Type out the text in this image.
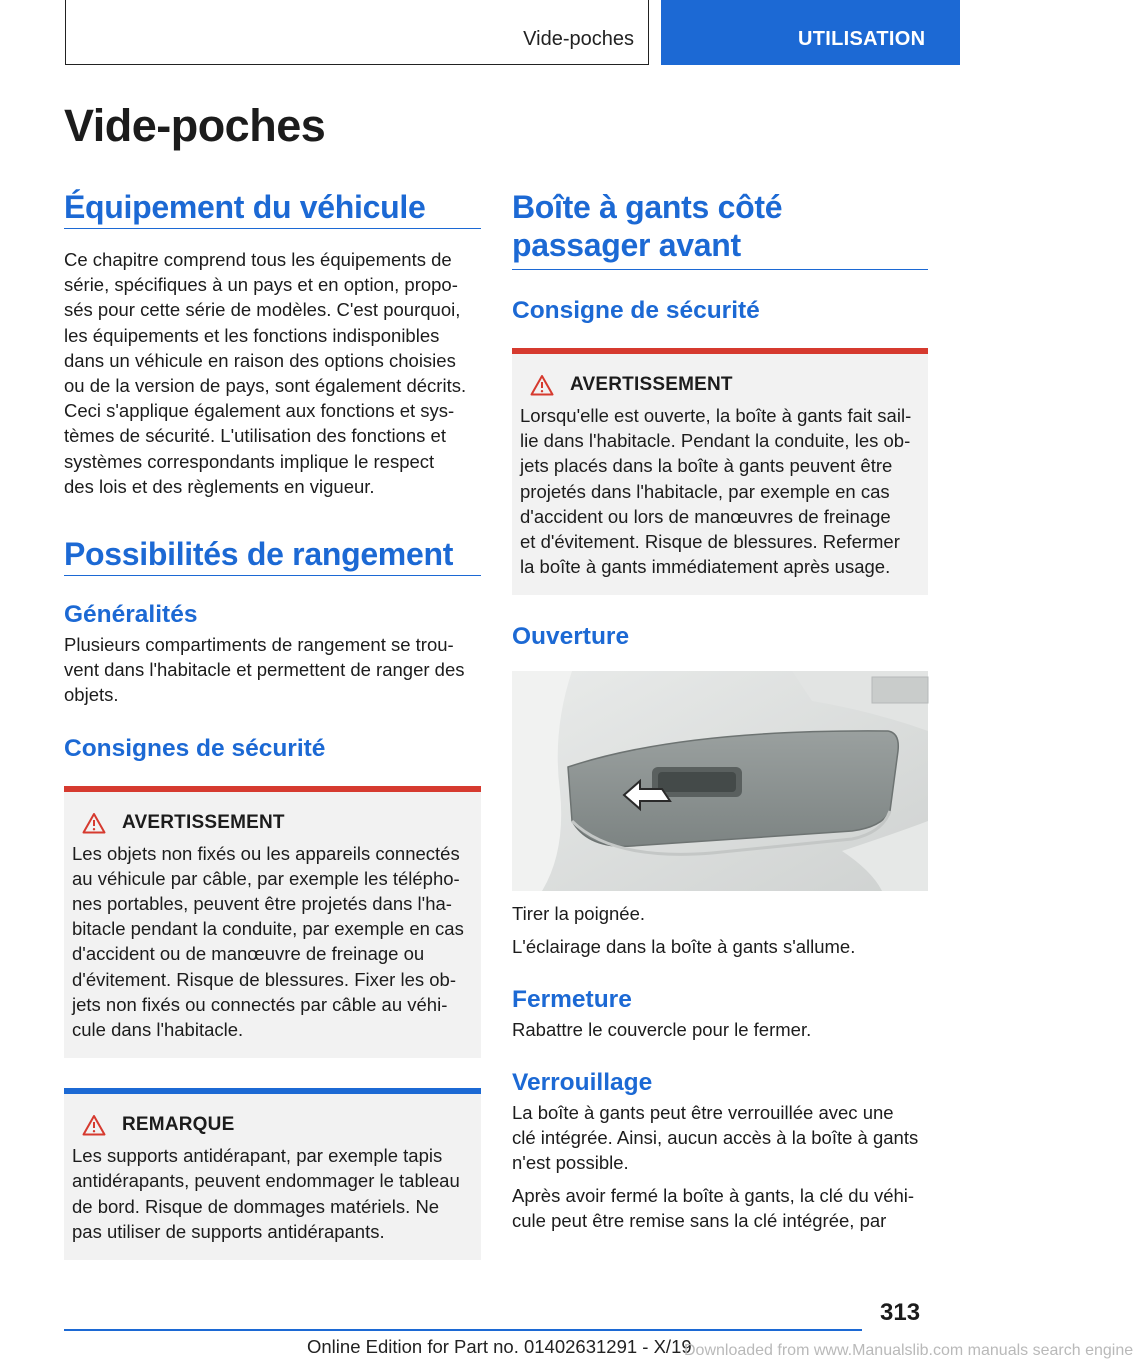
Vide-poches	UTILISATION
Vide-poches
Équipement du véhicule

Ce chapitre comprend tous les équipements de
série, spécifiques à un pays et en option, propo-
sés pour cette série de modèles. C'est pourquoi,
les équipements et les fonctions indisponibles
dans un véhicule en raison des options choisies
ou de la version de pays, sont également décrits.
Ceci s'applique également aux fonctions et sys-
tèmes de sécurité. L'utilisation des fonctions et
systèmes correspondants implique le respect
des lois et des règlements en vigueur.

Possibilités de rangement
Généralités

Plusieurs compartiments de rangement se trou-
vent dans l'habitacle et permettent de ranger des
objets.

Consignes de sécurité
AVERTISSEMENT

Les objets non fixés ou les appareils connectés
au véhicule par câble, par exemple les télépho-
nes portables, peuvent être projetés dans l'ha-
bitacle pendant la conduite, par exemple en cas
d'accident ou de manœuvre de freinage ou
d'évitement. Risque de blessures. Fixer les ob-
jets non fixés ou connectés par câble au véhi-
cule dans l'habitacle.

REMARQUE

Les supports antidérapant, par exemple tapis
antidérapants, peuvent endommager le tableau
de bord. Risque de dommages matériels. Ne
pas utiliser de supports antidérapants.

Boîte à gants côté
passager avant
Consigne de sécurité
AVERTISSEMENT

Lorsqu'elle est ouverte, la boîte à gants fait sail-
lie dans l'habitacle. Pendant la conduite, les ob-
jets placés dans la boîte à gants peuvent être
projetés dans l'habitacle, par exemple en cas
d'accident ou lors de manœuvres de freinage
et d'évitement. Risque de blessures. Refermer
la boîte à gants immédiatement après usage.

Ouverture

Tirer la poignée.

L'éclairage dans la boîte à gants s'allume.

Fermeture

Rabattre le couvercle pour le fermer.

Verrouillage

La boîte à gants peut être verrouillée avec une
clé intégrée. Ainsi, aucun accès à la boîte à gants
n'est possible.

Après avoir fermé la boîte à gants, la clé du véhi-
cule peut être remise sans la clé intégrée, par

313
Online Edition for Part no. 01402631291 - X/19
Downloaded from www.Manualslib.com manuals search engine
